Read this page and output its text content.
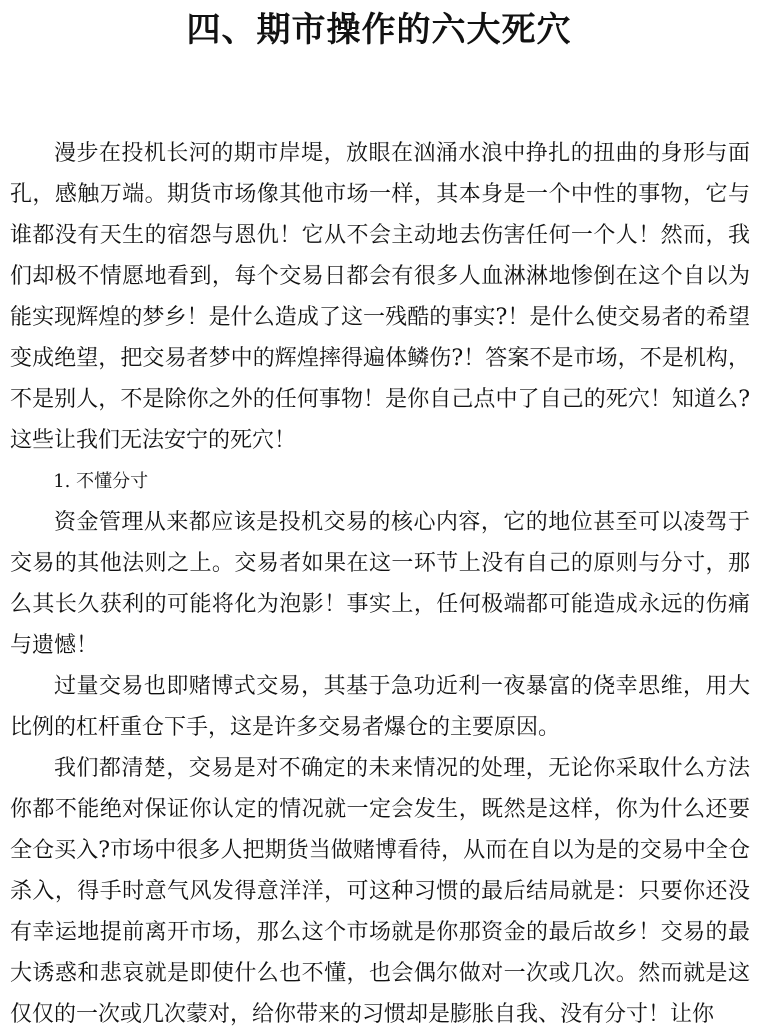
四、期市操作的六大死穴

漫步在投机长河的期市岸堤，放眼在汹涌水浪中挣扎的扭曲的身形与面孔，感触万端。期货市场像其他市场一样，其本身是一个中性的事物，它与谁都没有天生的宿怨与恩仇！它从不会主动地去伤害任何一个人！然而，我们却极不情愿地看到，每个交易日都会有很多人血淋淋地惨倒在这个自以为能实现辉煌的梦乡！是什么造成了这一残酷的事实?！是什么使交易者的希望变成绝望，把交易者梦中的辉煌摔得遍体鳞伤?！答案不是市场，不是机构，不是别人，不是除你之外的任何事物！是你自己点中了自己的死穴！知道么?这些让我们无法安宁的死穴！

1. 不懂分寸

资金管理从来都应该是投机交易的核心内容，它的地位甚至可以凌驾于交易的其他法则之上。交易者如果在这一环节上没有自己的原则与分寸，那么其长久获利的可能将化为泡影！事实上，任何极端都可能造成永远的伤痛与遗憾！

过量交易也即赌博式交易，其基于急功近利一夜暴富的侥幸思维，用大比例的杠杆重仓下手，这是许多交易者爆仓的主要原因。

我们都清楚，交易是对不确定的未来情况的处理，无论你采取什么方法你都不能绝对保证你认定的情况就一定会发生，既然是这样，你为什么还要全仓买入?市场中很多人把期货当做赌博看待，从而在自以为是的交易中全仓杀入，得手时意气风发得意洋洋，可这种习惯的最后结局就是：只要你还没有幸运地提前离开市场，那么这个市场就是你那资金的最后故乡！交易的最大诱惑和悲哀就是即使什么也不懂，也会偶尔做对一次或几次。然而就是这仅仅的一次或几次蒙对，给你带来的习惯却是膨胀自我、没有分寸！让你
